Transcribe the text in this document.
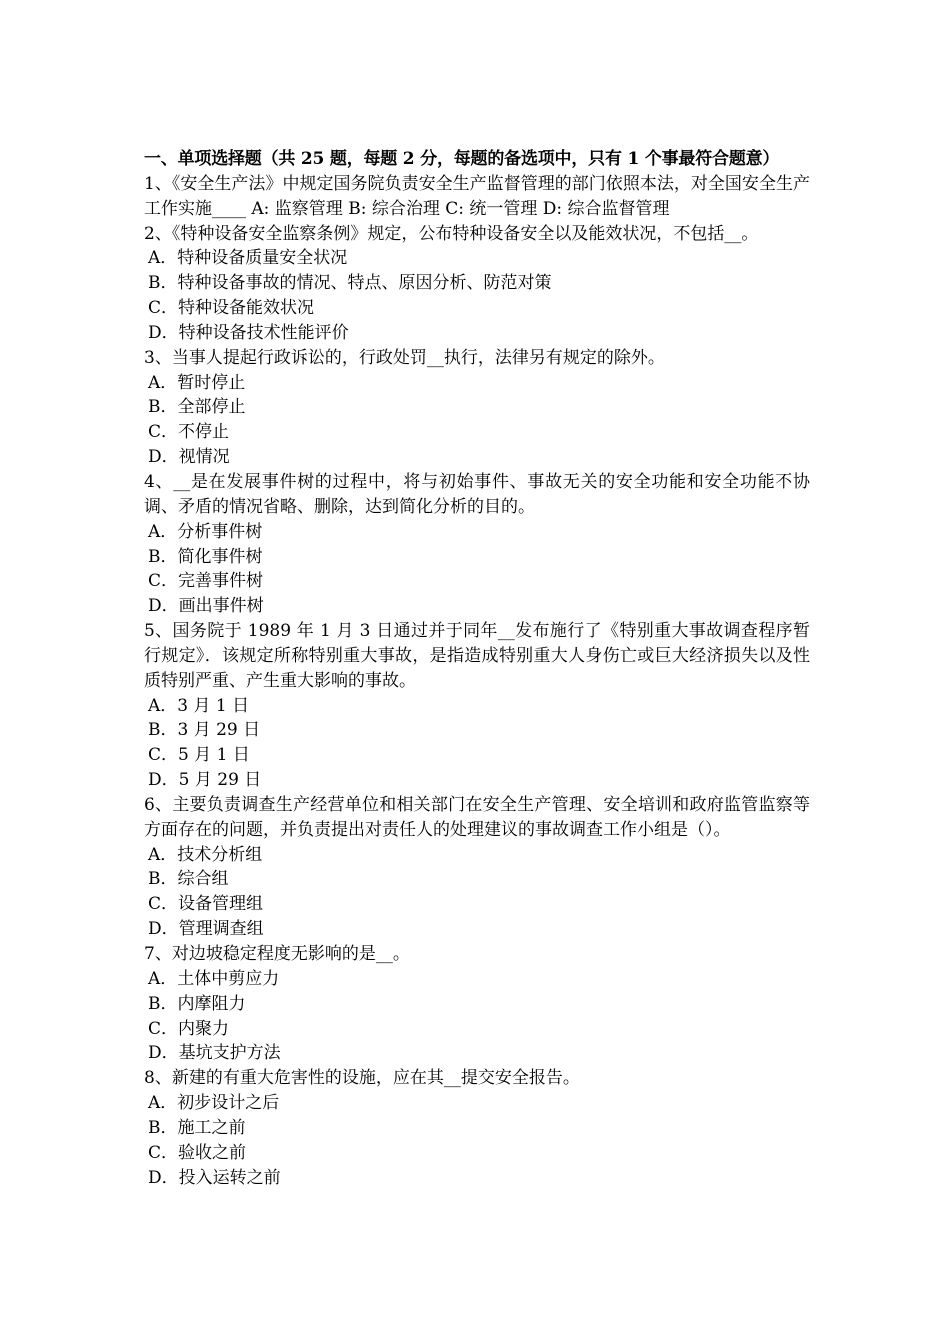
一、单项选择题（共 25 题，每题 2 分，每题的备选项中，只有 1 个事最符合题意）
1、《安全生产法》中规定国务院负责安全生产监督管理的部门依照本法，对全国安全生产工作实施____ A: 监察管理 B: 综合治理 C: 统一管理 D: 综合监督管理
2、《特种设备安全监察条例》规定，公布特种设备安全以及能效状况，不包括__。
A．特种设备质量安全状况
B．特种设备事故的情况、特点、原因分析、防范对策
C．特种设备能效状况
D．特种设备技术性能评价
3、当事人提起行政诉讼的，行政处罚__执行，法律另有规定的除外。
A．暂时停止
B．全部停止
C．不停止
D．视情况
4、__是在发展事件树的过程中，将与初始事件、事故无关的安全功能和安全功能不协调、矛盾的情况省略、删除，达到简化分析的目的。
A．分析事件树
B．简化事件树
C．完善事件树
D．画出事件树
5、国务院于 1989 年 1 月 3 日通过并于同年__发布施行了《特别重大事故调查程序暂行规定》．该规定所称特别重大事故，是指造成特别重大人身伤亡或巨大经济损失以及性质特别严重、产生重大影响的事故。
A．3 月 1 日
B．3 月 29 日
C．5 月 1 日
D．5 月 29 日
6、主要负责调查生产经营单位和相关部门在安全生产管理、安全培训和政府监管监察等方面存在的问题，并负责提出对责任人的处理建议的事故调查工作小组是（）。
A．技术分析组
B．综合组
C．设备管理组
D．管理调查组
7、对边坡稳定程度无影响的是__。
A．土体中剪应力
B．内摩阻力
C．内聚力
D．基坑支护方法
8、新建的有重大危害性的设施，应在其__提交安全报告。
A．初步设计之后
B．施工之前
C．验收之前
D．投入运转之前
